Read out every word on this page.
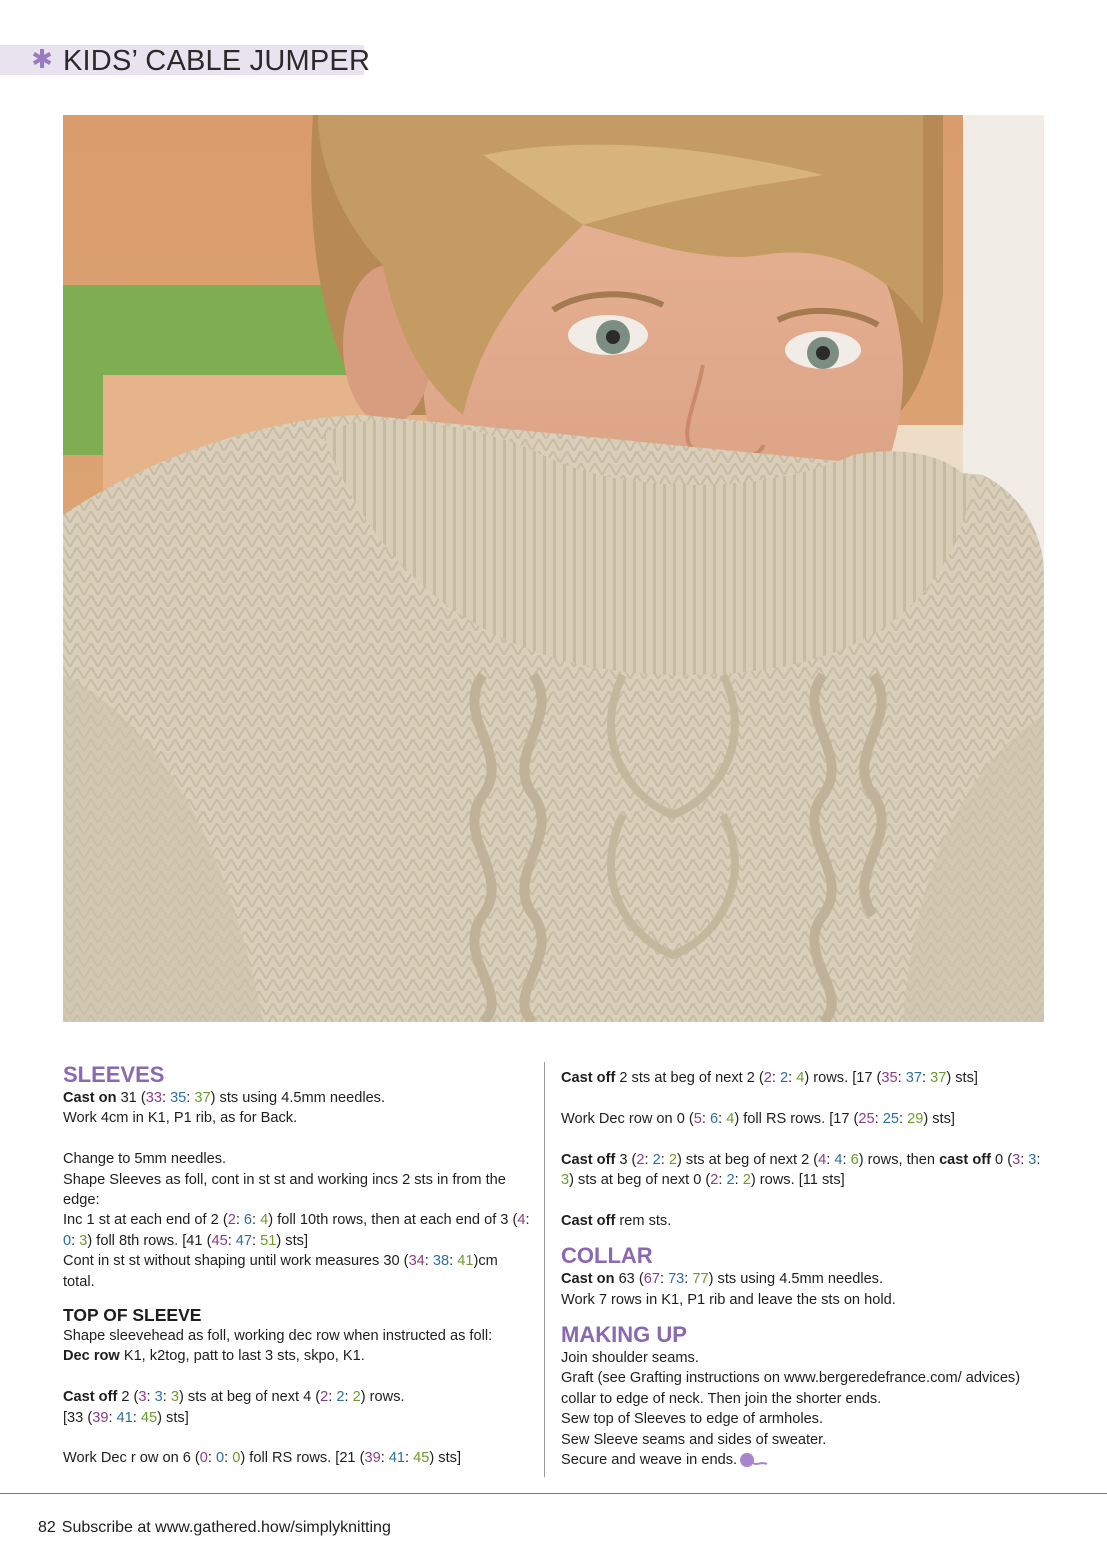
✱ KIDS’ CABLE JUMPER

SLEEVES

Cast on 31 (33: 35: 37) sts using 4.5mm needles.

Work 4cm in K1, P1 rib, as for Back.

Change to 5mm needles.

Shape Sleeves as foll, cont in st st and working incs 2 sts in from the edge:

Inc 1 st at each end of 2 (2: 6: 4) foll 10th rows, then at each end of 3 (4: 0: 3) foll 8th rows. [41 (45: 47: 51) sts]

Cont in st st without shaping until work measures 30 (34: 38: 41)cm total.

TOP OF SLEEVE

Shape sleevehead as foll, working dec row when instructed as foll:

Dec row K1, k2tog, patt to last 3 sts, skpo, K1.

Cast off 2 (3: 3: 3) sts at beg of next 4 (2: 2: 2) rows.

[33 (39: 41: 45) sts]

Work Dec r ow on 6 (0: 0: 0) foll RS rows. [21 (39: 41: 45) sts]

Cast off 2 sts at beg of next 2 (2: 2: 4) rows. [17 (35: 37: 37) sts]

Work Dec row on 0 (5: 6: 4) foll RS rows. [17 (25: 25: 29) sts]

Cast off 3 (2: 2: 2) sts at beg of next 2 (4: 4: 6) rows, then cast off 0 (3: 3: 3) sts at beg of next 0 (2: 2: 2) rows. [11 sts]

Cast off rem sts.

COLLAR

Cast on 63 (67: 73: 77) sts using 4.5mm needles.

Work 7 rows in K1, P1 rib and leave the sts on hold.

MAKING UP

Join shoulder seams.

Graft (see Grafting instructions on www.bergeredefrance.com/ advices) collar to edge of neck. Then join the shorter ends.

Sew top of Sleeves to edge of armholes.

Sew Sleeve seams and sides of sweater.

Secure and weave in ends.

82 Subscribe at www.gathered.how/simplyknitting
